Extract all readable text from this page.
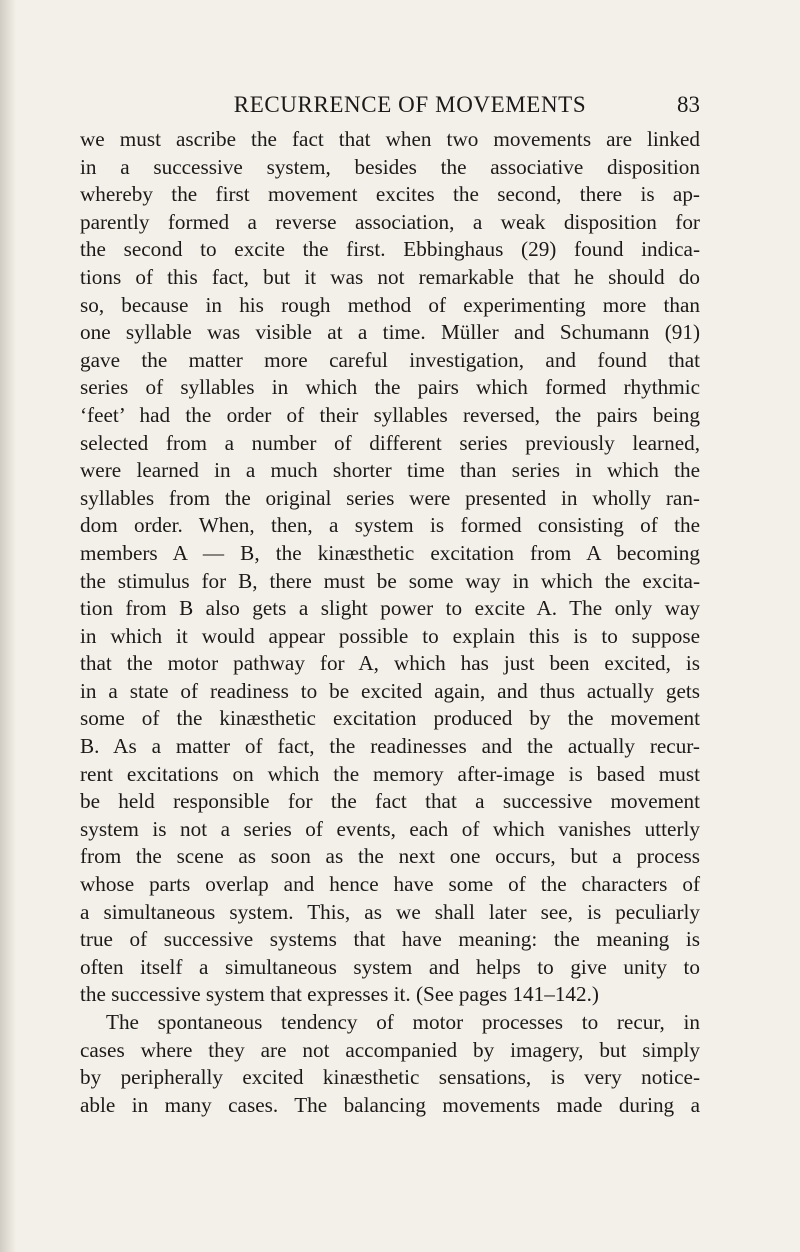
RECURRENCE OF MOVEMENTS	83
we must ascribe the fact that when two movements are linked
in a successive system, besides the associative disposition
whereby the first movement excites the second, there is ap-
parently formed a reverse association, a weak disposition for
the second to excite the first. Ebbinghaus (29) found indica-
tions of this fact, but it was not remarkable that he should do
so, because in his rough method of experimenting more than
one syllable was visible at a time. Müller and Schumann (91)
gave the matter more careful investigation, and found that
series of syllables in which the pairs which formed rhythmic
‘feet’ had the order of their syllables reversed, the pairs being
selected from a number of different series previously learned,
were learned in a much shorter time than series in which the
syllables from the original series were presented in wholly ran-
dom order. When, then, a system is formed consisting of the
members A — B, the kinæsthetic excitation from A becoming
the stimulus for B, there must be some way in which the excita-
tion from B also gets a slight power to excite A. The only way
in which it would appear possible to explain this is to suppose
that the motor pathway for A, which has just been excited, is
in a state of readiness to be excited again, and thus actually gets
some of the kinæsthetic excitation produced by the movement
B. As a matter of fact, the readinesses and the actually recur-
rent excitations on which the memory after-image is based must
be held responsible for the fact that a successive movement
system is not a series of events, each of which vanishes utterly
from the scene as soon as the next one occurs, but a process
whose parts overlap and hence have some of the characters of
a simultaneous system. This, as we shall later see, is peculiarly
true of successive systems that have meaning: the meaning is
often itself a simultaneous system and helps to give unity to
the successive system that expresses it. (See pages 141–142.)
The spontaneous tendency of motor processes to recur, in
cases where they are not accompanied by imagery, but simply
by peripherally excited kinæsthetic sensations, is very notice-
able in many cases. The balancing movements made during a
